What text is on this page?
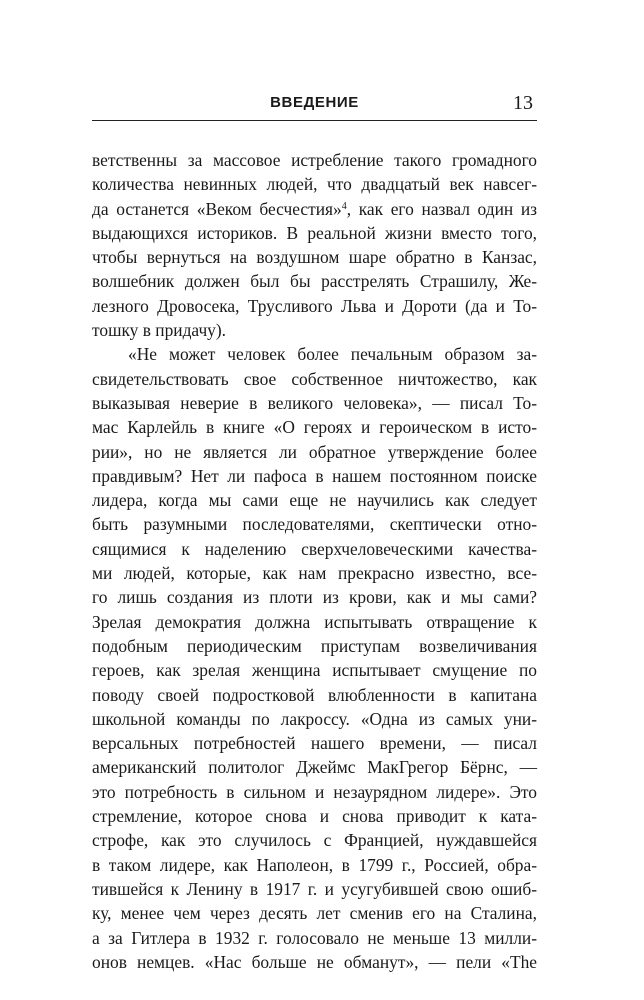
ВВЕДЕНИЕ	13
ветственны за массовое истребление такого громадного
количества невинных людей, что двадцатый век навсег-
да останется «Веком бесчестия»$^4$, как его назвал один из
выдающихся историков. В реальной жизни вместо того,
чтобы вернуться на воздушном шаре обратно в Канзас,
волшебник должен был бы расстрелять Страшилу, Же-
лезного Дровосека, Трусливого Льва и Дороти (да и То-
тошку в придачу).
«Не может человек более печальным образом за-
свидетельствовать свое собственное ничтожество, как
выказывая неверие в великого человека», — писал То-
мас Карлейль в книге «О героях и героическом в исто-
рии», но не является ли обратное утверждение более
правдивым? Нет ли пафоса в нашем постоянном поиске
лидера, когда мы сами еще не научились как следует
быть разумными последователями, скептически отно-
сящимися к наделению сверхчеловеческими качества-
ми людей, которые, как нам прекрасно известно, все-
го лишь создания из плоти из крови, как и мы сами?
Зрелая демократия должна испытывать отвращение к
подобным периодическим приступам возвеличивания
героев, как зрелая женщина испытывает смущение по
поводу своей подростковой влюбленности в капитана
школьной команды по лакроссу. «Одна из самых уни-
версальных потребностей нашего времени, — писал
американский политолог Джеймс МакГрегор Бёрнс, —
это потребность в сильном и незаурядном лидере». Это
стремление, которое снова и снова приводит к ката-
строфе, как это случилось с Францией, нуждавшейся
в таком лидере, как Наполеон, в 1799 г., Россией, обра-
тившейся к Ленину в 1917 г. и усугубившей свою ошиб-
ку, менее чем через десять лет сменив его на Сталина,
а за Гитлера в 1932 г. голосовало не меньше 13 милли-
онов немцев. «Нас больше не обманут», — пели «The
